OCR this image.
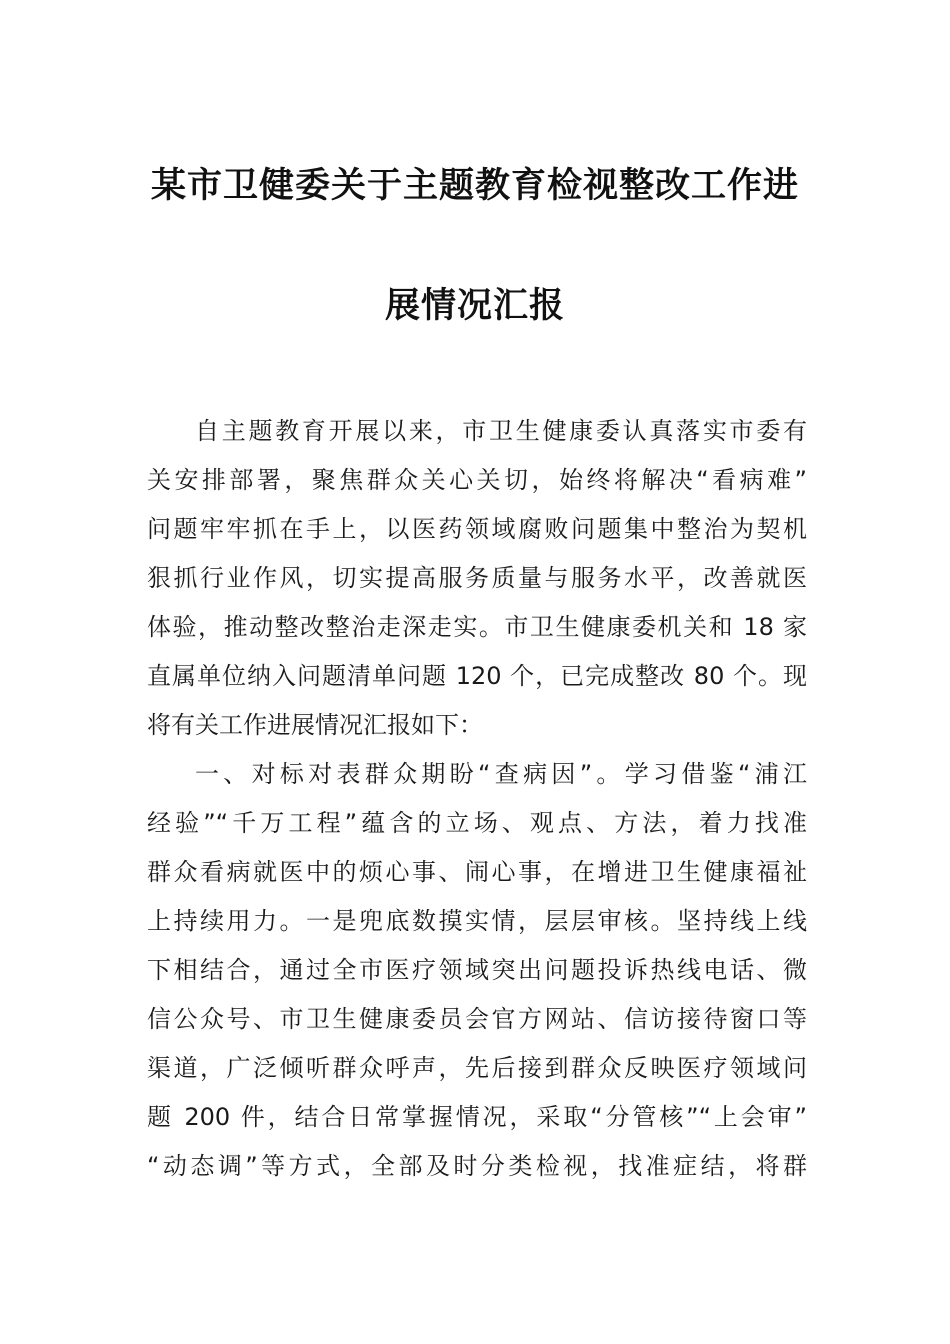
某市卫健委关于主题教育检视整改工作进
展情况汇报
自主题教育开展以来，市卫生健康委认真落实市委有
关安排部署，聚焦群众关心关切，始终将解决“看病难”
问题牢牢抓在手上，以医药领域腐败问题集中整治为契机
狠抓行业作风，切实提高服务质量与服务水平，改善就医
体验，推动整改整治走深走实。市卫生健康委机关和 18 家
直属单位纳入问题清单问题 120 个，已完成整改 80 个。现
将有关工作进展情况汇报如下：
一、对标对表群众期盼“查病因”。学习借鉴“浦江
经验”“千万工程”蕴含的立场、观点、方法，着力找准
群众看病就医中的烦心事、闹心事，在增进卫生健康福祉
上持续用力。一是兜底数摸实情，层层审核。坚持线上线
下相结合，通过全市医疗领域突出问题投诉热线电话、微
信公众号、市卫生健康委员会官方网站、信访接待窗口等
渠道，广泛倾听群众呼声，先后接到群众反映医疗领域问
题 200 件，结合日常掌握情况，采取“分管核”“上会审”
“动态调”等方式，全部及时分类检视，找准症结，将群
